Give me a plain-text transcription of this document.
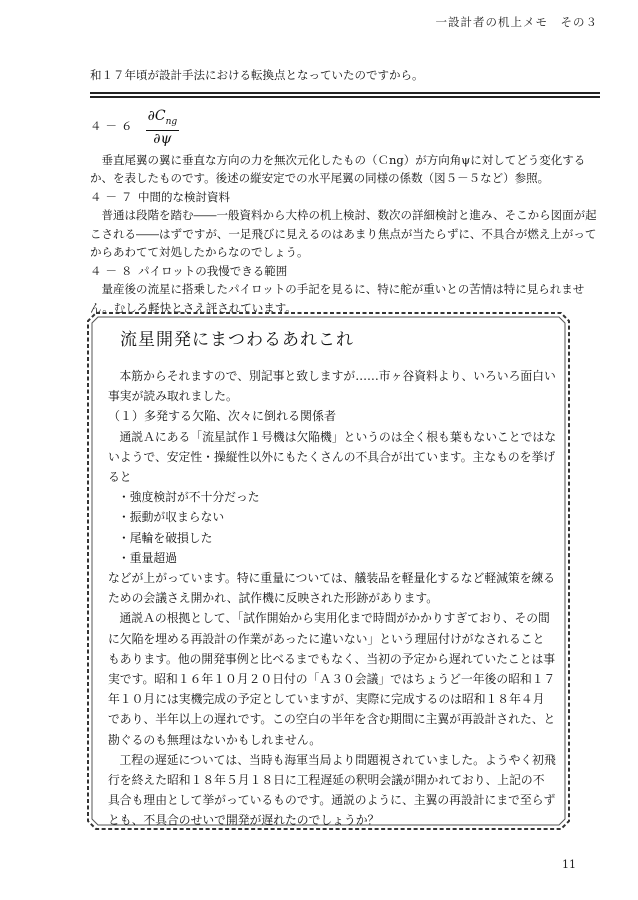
一設計者の机上メモ　その３

和１７年頃が設計手法における転換点となっていたのですから。

$4-6 \frac{\partial C_{ng}}{\partial\psi}$

垂直尾翼の翼に垂直な方向の力を無次元化したもの（Ｃng）が方向角ψに対してどう変化するか、を表したものです。後述の縦安定での水平尾翼の同様の係数（図５－５など）参照。

４－７ 中間的な検討資料

普通は段階を踏む――一般資料から大枠の机上検討、数次の詳細検討と進み、そこから図面が起こされる――はずですが、一足飛びに見えるのはあまり焦点が当たらずに、不具合が燃え上がってからあわてて対処したからなのでしょう。

４－８ パイロットの我慢できる範囲

量産後の流星に搭乗したパイロットの手記を見るに、特に舵が重いとの苦情は特に見られません。むしろ軽快とさえ評されています。

流星開発にまつわるあれこれ

本筋からそれますので、別記事と致しますが……市ヶ谷資料より、いろいろ面白い事実が読み取れました。

（１）多発する欠陥、次々に倒れる関係者

通説Ａにある「流星試作１号機は欠陥機」というのは全く根も葉もないことではないようで、安定性・操縦性以外にもたくさんの不具合が出ています。主なものを挙げると

・強度検討が不十分だった

・振動が収まらない

・尾輪を破損した

・重量超過

などが上がっています。特に重量については、艤装品を軽量化するなど軽減策を練るための会議さえ開かれ、試作機に反映された形跡があります。

通説Ａの根拠として、「試作開始から実用化まで時間がかかりすぎており、その間に欠陥を埋める再設計の作業があったに違いない」という理屈付けがなされることもあります。他の開発事例と比べるまでもなく、当初の予定から遅れていたことは事実です。昭和１６年１０月２０日付の「Ａ３０会議」ではちょうど一年後の昭和１７年１０月には実機完成の予定としていますが、実際に完成するのは昭和１８年４月であり、半年以上の遅れです。この空白の半年を含む期間に主翼が再設計された、と勘ぐるのも無理はないかもしれません。

工程の遅延については、当時も海軍当局より問題視されていました。ようやく初飛行を終えた昭和１８年５月１８日に工程遅延の釈明会議が開かれており、上記の不具合も理由として挙がっているものです。通説のように、主翼の再設計にまで至らずとも、不具合のせいで開発が遅れたのでしょうか？

11
